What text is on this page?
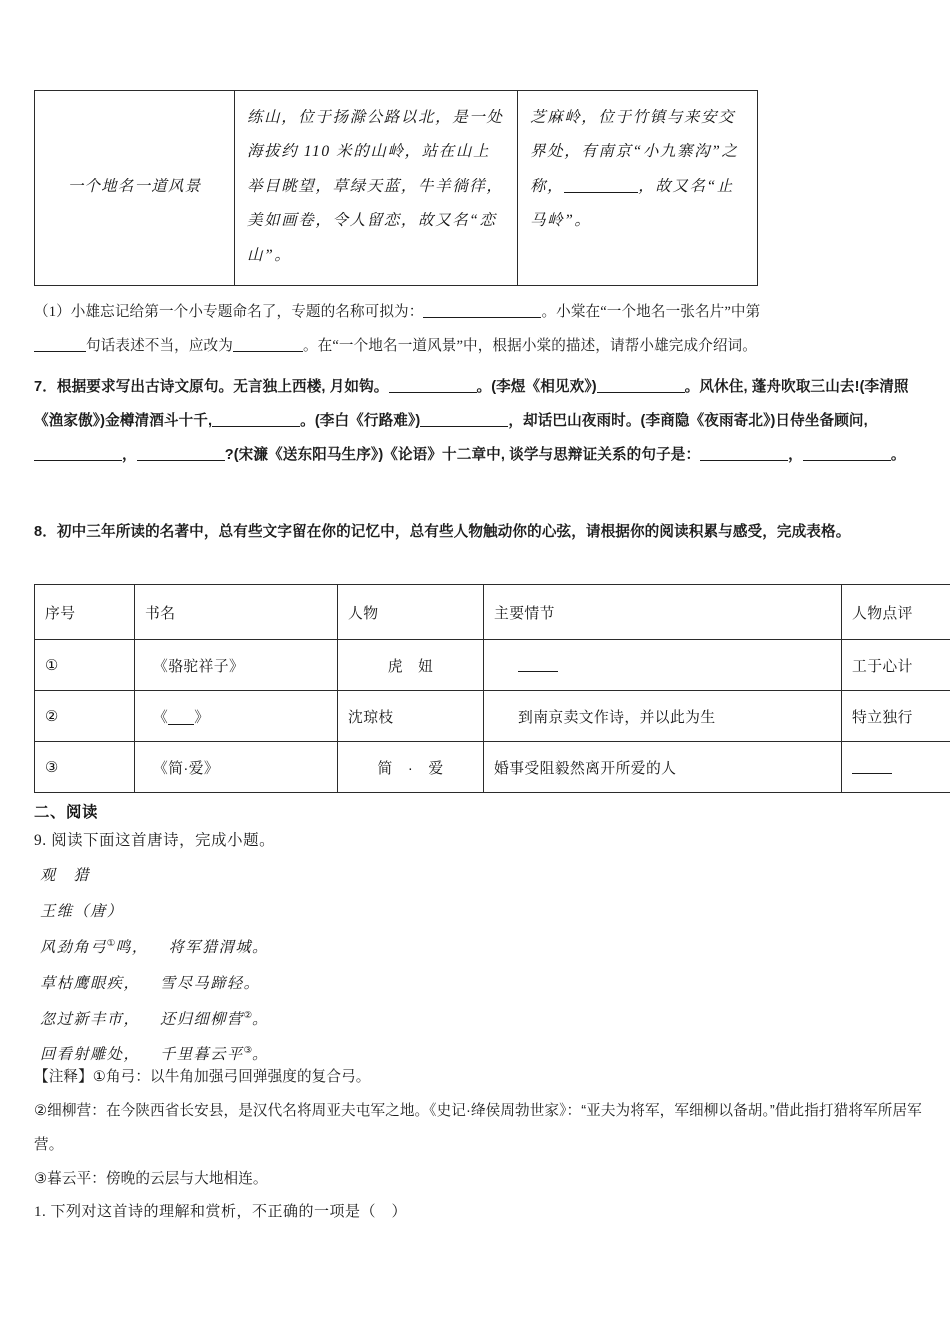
一个地名一道风景	练山，位于扬滁公路以北，是一处海拔约 110 米的山岭，站在山上举目眺望，草绿天蓝，牛羊徜徉，美如画卷，令人留恋，故又名“恋山”。	芝麻岭，位于竹镇与来安交界处，有南京“小九寨沟”之称，	，故又名“止马岭”。
（1）小雄忘记给第一个小专题命名了，专题的名称可拟为：	。小棠在“一个地名一张名片”中第
句话表述不当，应改为	。在“一个地名一道风景”中，根据小棠的描述，请帮小雄完成介绍词。
7．根据要求写出古诗文原句。无言独上西楼, 月如钩。	。(李煜《相见欢》)	。风休住, 蓬舟吹取三山去!(李清照《渔家傲》)金樽清酒斗十千,	。(李白《行路难》)	，却话巴山夜雨时。(李商隐《夜雨寄北》)日侍坐备顾问,，	?(宋濂《送东阳马生序》)《论语》十二章中, 谈学与思辩证关系的句子是：	，	。
8．初中三年所读的名著中，总有些文字留在你的记忆中，总有些人物触动你的心弦，请根据你的阅读积累与感受，完成表格。
序号	书名	人物	主要情节	人物点评
①	《骆驼祥子》	虎　妞		工于心计
②	《 》	沈琼枝	到南京卖文作诗，并以此为生	特立独行
③	《简·爱》	简　·　爱	婚事受阻毅然离开所爱的人	
二、阅读
9. 阅读下面这首唐诗，完成小题。
观　猎
王维（唐）
风劲角弓①鸣， 将军猎渭城。
草枯鹰眼疾， 雪尽马蹄轻。
忽过新丰市， 还归细柳营②。
回看射雕处， 千里暮云平③。
【注释】①角弓：以牛角加强弓回弹强度的复合弓。
②细柳营：在今陕西省长安县，是汉代名将周亚夫屯军之地。《史记·绛侯周勃世家》：“亚夫为将军，军细柳以备胡。”借此指打猎将军所居军营。
③暮云平：傍晚的云层与大地相连。
1. 下列对这首诗的理解和赏析，不正确的一项是（　）
